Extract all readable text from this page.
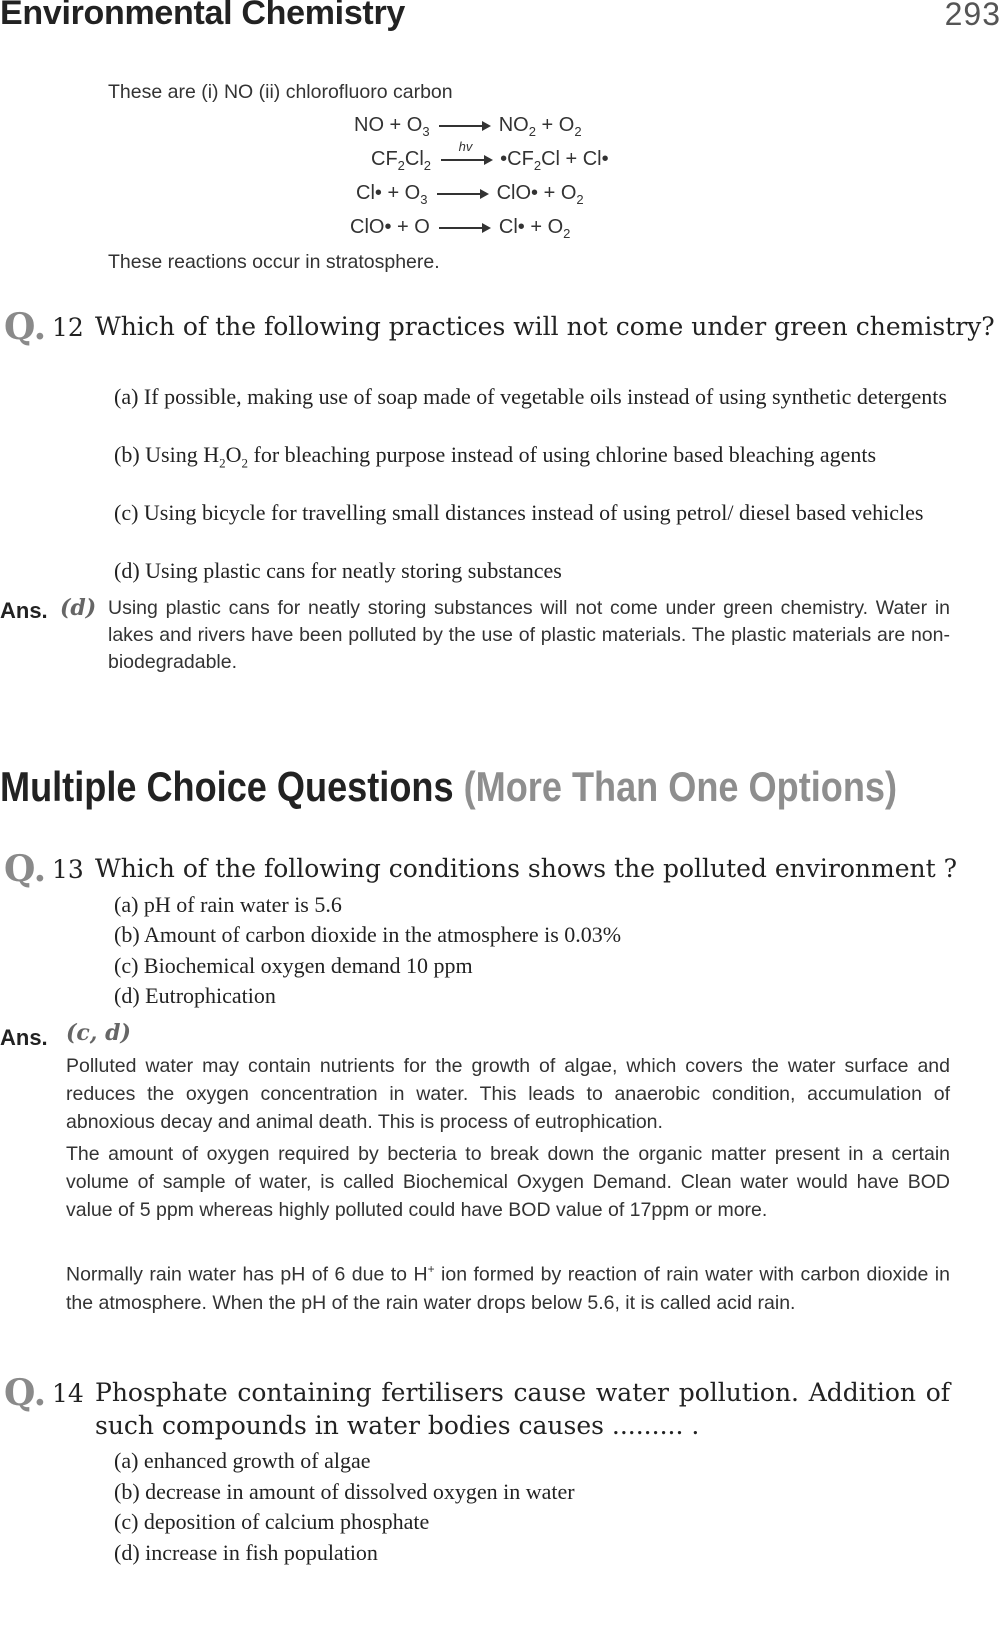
Environmental Chemistry	293
These are (i) NO (ii) chlorofluoro carbon
NO + $O_3 \to NO_2 + O_2$
$CF_2Cl_2$
hv
$•CF_2Cl$ + Cl•
Cl• + $O_3$ → ClO• + $O_2$
ClO• + O → Cl• + $O_2$
These reactions occur in stratosphere.
Q. 12 Which of the following practices will not come under green chemistry?
(a) If possible, making use of soap made of vegetable oils instead of using synthetic detergents
(b) Using $H_2O_2$ for bleaching purpose instead of using chlorine based bleaching agents
(c) Using bicycle for travelling small distances instead of using petrol/ diesel based vehicles
(d) Using plastic cans for neatly storing substances
Ans. (d) Using plastic cans for neatly storing substances will not come under green chemistry. Water in lakes and rivers have been polluted by the use of plastic materials. The plastic materials are non-biodegradable.
Multiple Choice Questions (More Than One Options)
Q. 13 Which of the following conditions shows the polluted environment ?
(a) pH of rain water is 5.6
(b) Amount of carbon dioxide in the atmosphere is 0.03%
(c) Biochemical oxygen demand 10 ppm
(d) Eutrophication
Ans. (c, d)
Polluted water may contain nutrients for the growth of algae, which covers the water surface and reduces the oxygen concentration in water. This leads to anaerobic condition, accumulation of abnoxious decay and animal death. This is process of eutrophication.
The amount of oxygen required by becteria to break down the organic matter present in a certain volume of sample of water, is called Biochemical Oxygen Demand. Clean water would have BOD value of 5 ppm whereas highly polluted could have BOD value of 17ppm or more.
Normally rain water has pH of 6 due to H+ ion formed by reaction of rain water with carbon dioxide in the atmosphere. When the pH of the rain water drops below 5.6, it is called acid rain.
Q. 14 Phosphate containing fertilisers cause water pollution. Addition of such compounds in water bodies causes ......... .
(a) enhanced growth of algae
(b) decrease in amount of dissolved oxygen in water
(c) deposition of calcium phosphate
(d) increase in fish population
